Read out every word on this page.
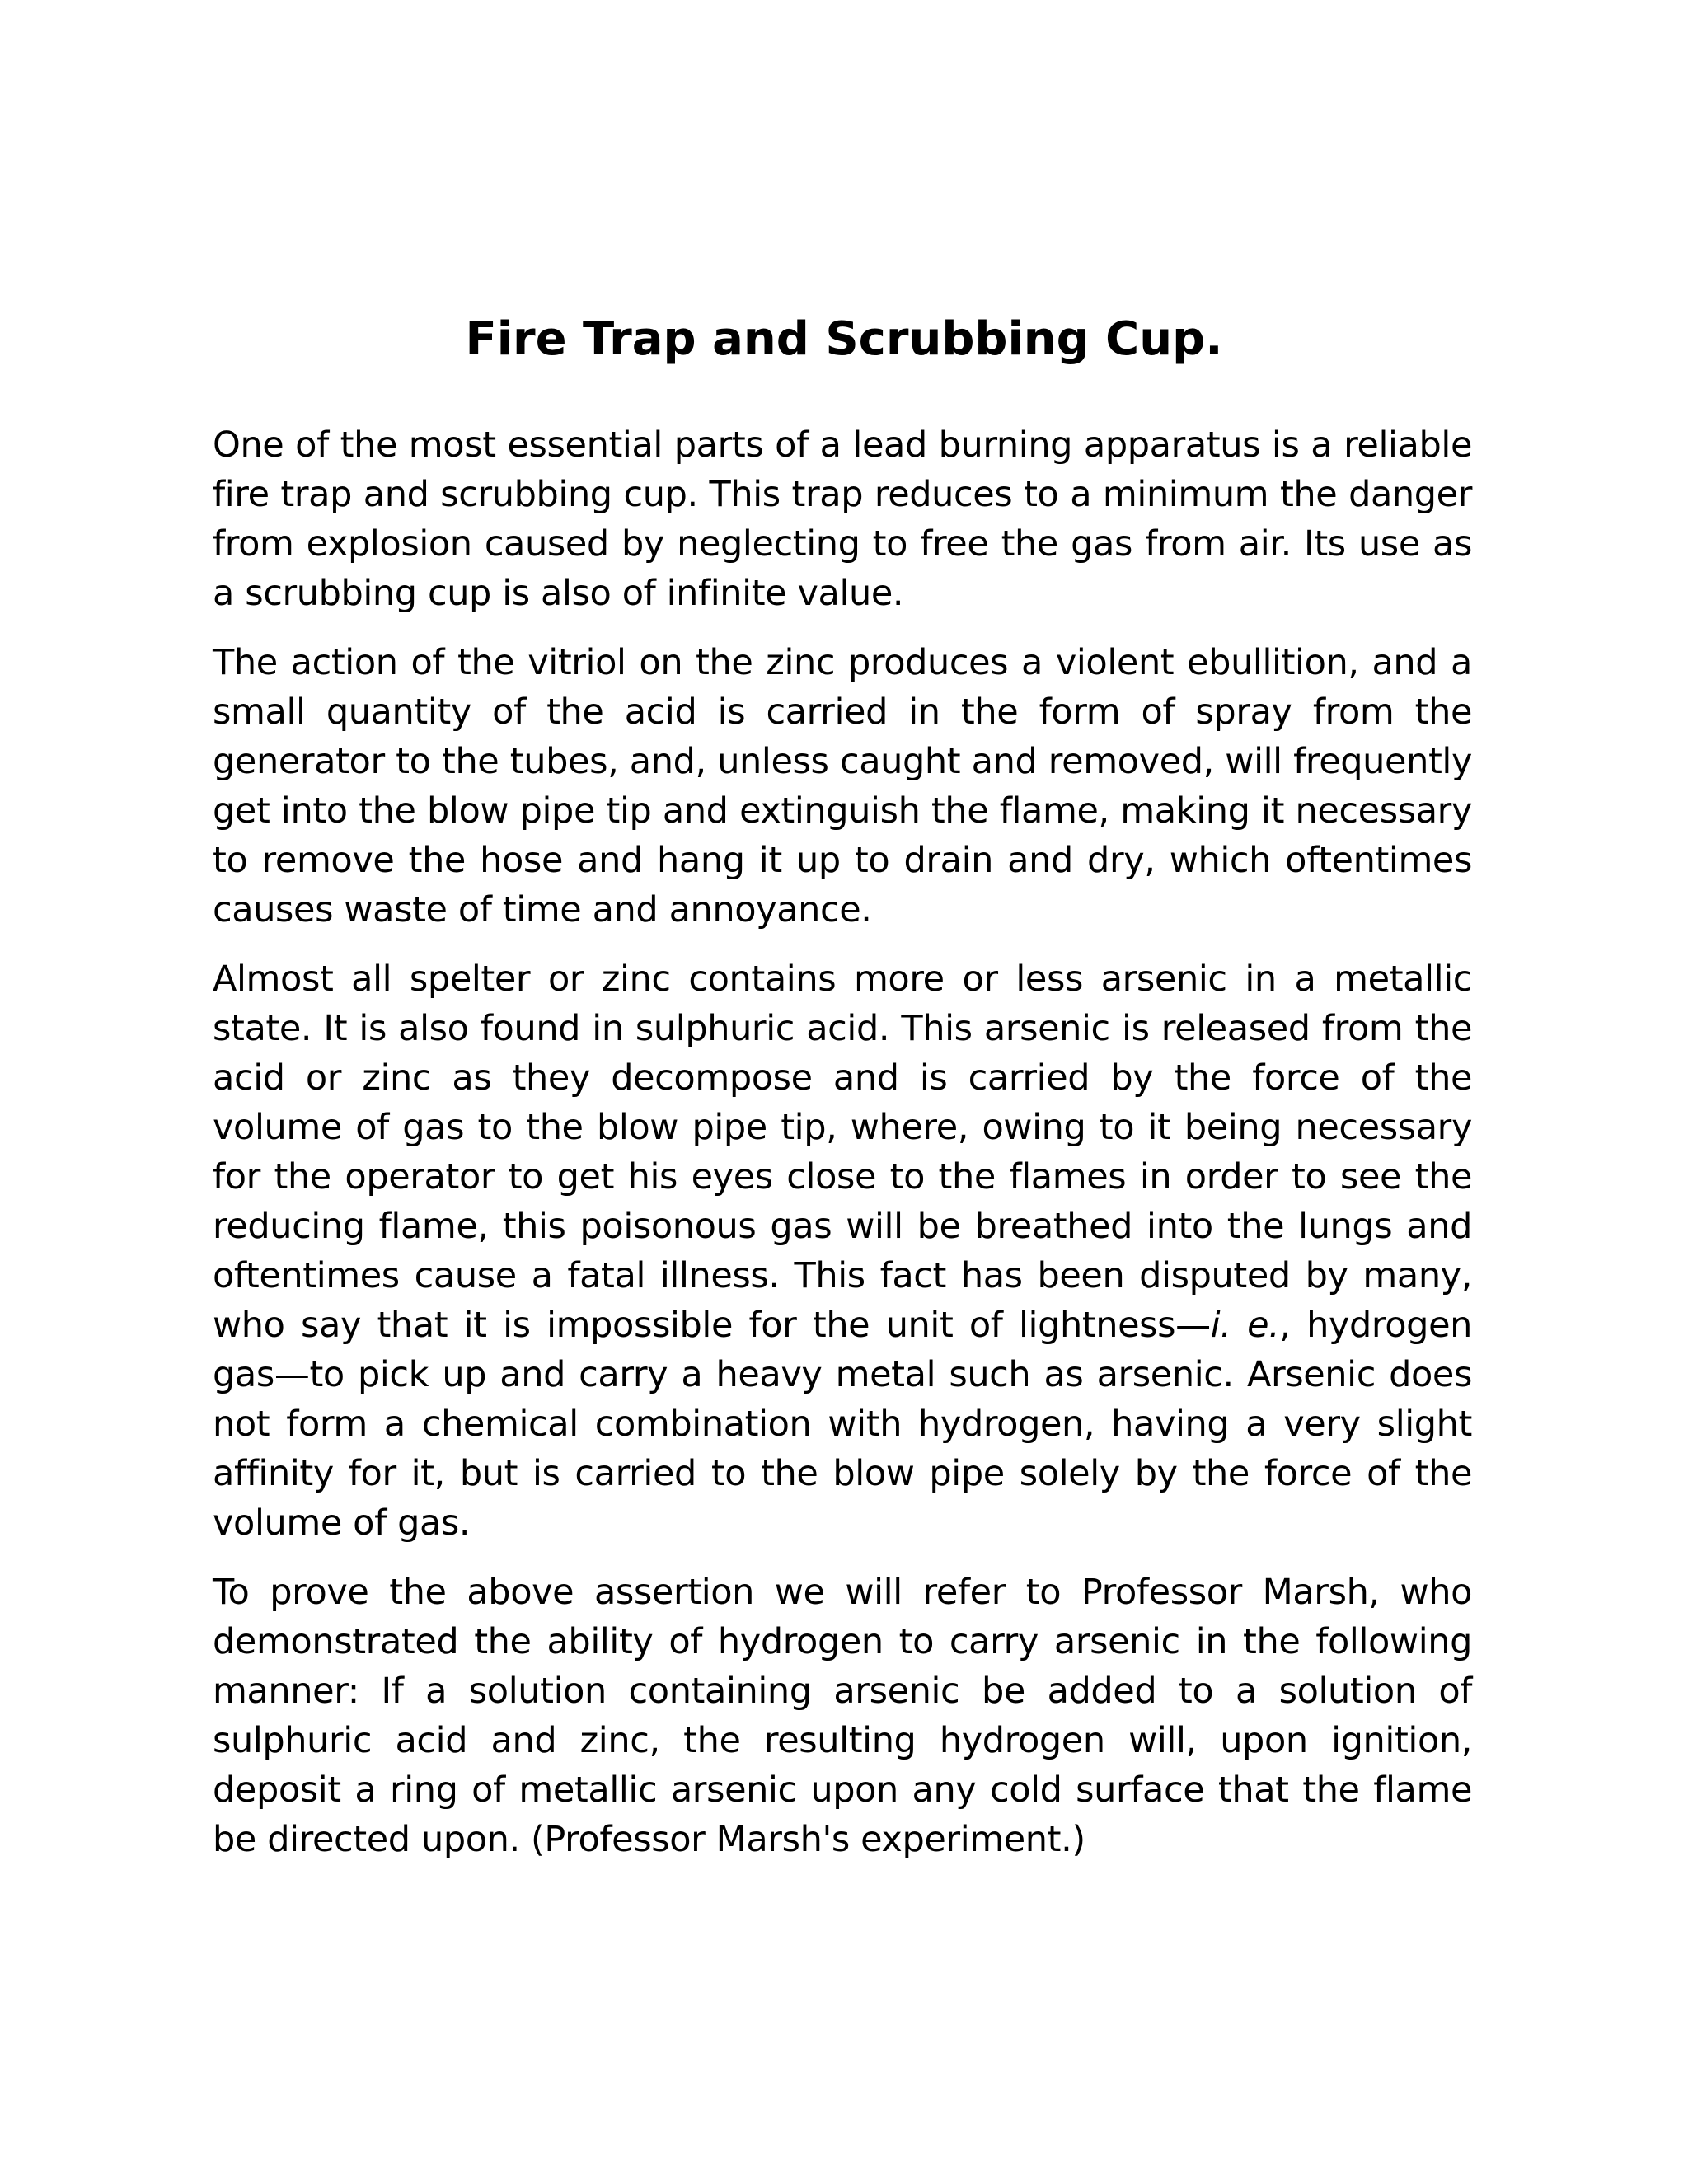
Fire Trap and Scrubbing Cup.

One of the most essential parts of a lead burning apparatus is a reliable fire trap and scrubbing cup. This trap reduces to a minimum the danger from explosion caused by neglecting to free the gas from air. Its use as a scrubbing cup is also of infinite value.

The action of the vitriol on the zinc produces a violent ebullition, and a small quantity of the acid is carried in the form of spray from the generator to the tubes, and, unless caught and removed, will frequently get into the blow pipe tip and extinguish the flame, making it necessary to remove the hose and hang it up to drain and dry, which oftentimes causes waste of time and annoyance.

Almost all spelter or zinc contains more or less arsenic in a metallic state. It is also found in sulphuric acid. This arsenic is released from the acid or zinc as they decompose and is carried by the force of the volume of gas to the blow pipe tip, where, owing to it being necessary for the operator to get his eyes close to the flames in order to see the reducing flame, this poisonous gas will be breathed into the lungs and oftentimes cause a fatal illness. This fact has been disputed by many, who say that it is impossible for the unit of lightness—i. e., hydrogen gas—to pick up and carry a heavy metal such as arsenic. Arsenic does not form a chemical combination with hydrogen, having a very slight affinity for it, but is carried to the blow pipe solely by the force of the volume of gas.

To prove the above assertion we will refer to Professor Marsh, who demonstrated the ability of hydrogen to carry arsenic in the following manner: If a solution containing arsenic be added to a solution of sulphuric acid and zinc, the resulting hydrogen will, upon ignition, deposit a ring of metallic arsenic upon any cold surface that the flame be directed upon. (Professor Marsh's experiment.)
